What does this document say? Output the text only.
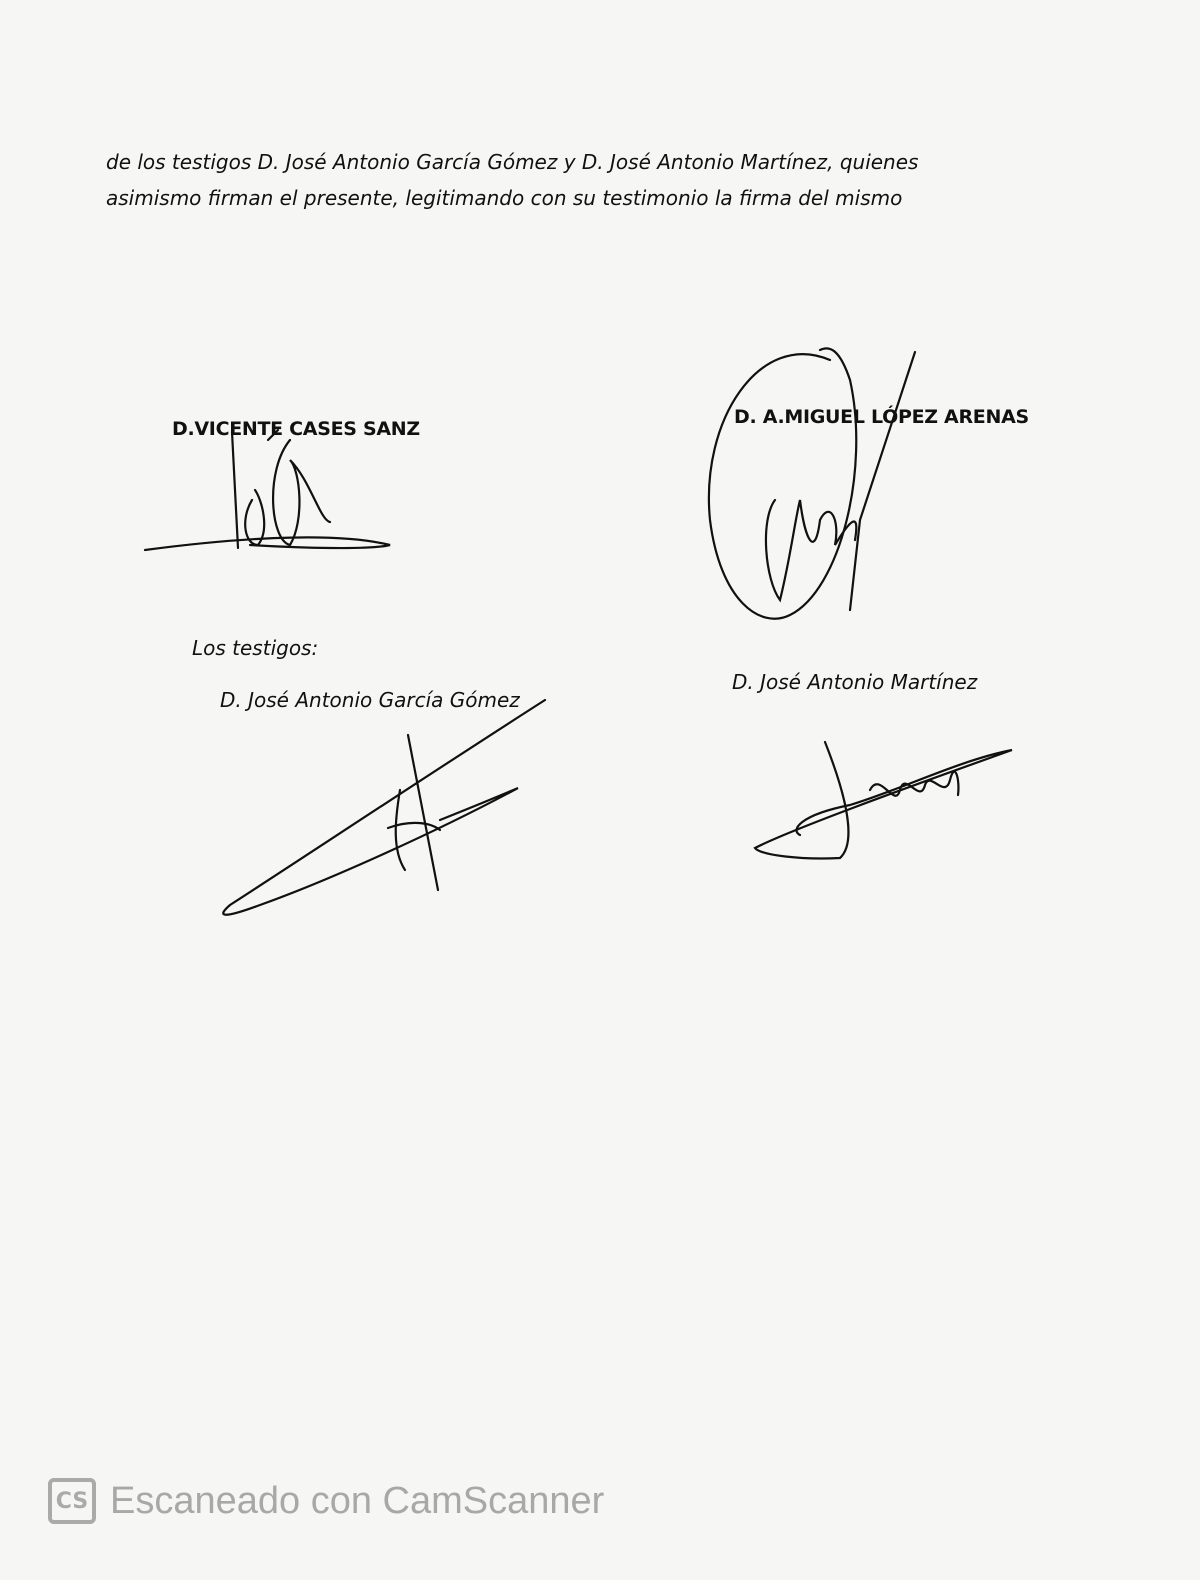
de los testigos D. José Antonio García Gómez y D. José Antonio Martínez, quienes
asimismo firman el presente, legitimando con su testimonio la firma del mismo
D.VICENTE CASES SANZ
D. A.MIGUEL LÓPEZ ARENAS
Los testigos:
D. José Antonio García Gómez
D. José Antonio Martínez
CS Escaneado con CamScanner
